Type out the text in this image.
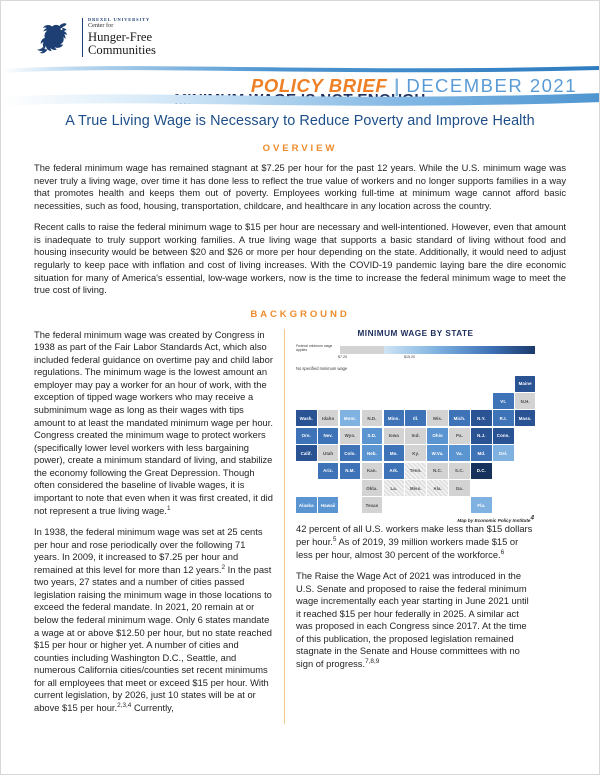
DREXEL UNIVERSITY
Center for
Hunger-Free
Communities
POLICY BRIEF | DECEMBER 2021
A True Living Wage is Necessary to Reduce Poverty and Improve Health
OVERVIEW

The federal minimum wage has remained stagnant at $7.25 per hour for the past 12 years. While the U.S. minimum wage was never truly a living wage, over time it has done less to reflect the true value of workers and no longer supports families in a way that promotes health and keeps them out of poverty. Employees working full-time at minimum wage cannot afford basic necessities, such as food, housing, transportation, childcare, and healthcare in any location across the country.

Recent calls to raise the federal minimum wage to $15 per hour are necessary and well-intentioned. However, even that amount is inadequate to truly support working families. A true living wage that supports a basic standard of living without food and housing insecurity would be between $20 and $26 or more per hour depending on the state. Additionally, it would need to adjust regularly to keep pace with inflation and cost of living increases. With the COVID-19 pandemic laying bare the dire economic situation for many of America's essential, low-wage workers, now is the time to increase the federal minimum wage to meet the true cost of living.

BACKGROUND

The federal minimum wage was created by Congress in 1938 as part of the Fair Labor Standards Act, which also included federal guidance on overtime pay and child labor regulations. The minimum wage is the lowest amount an employer may pay a worker for an hour of work, with the exception of tipped wage workers who may receive a subminimum wage as long as their wages with tips amount to at least the mandated minimum wage per hour. Congress created the minimum wage to protect workers (specifically lower level workers with less bargaining power), create a minimum standard of living, and stabilize the economy following the Great Depression. Though often considered the baseline of livable wages, it is important to note that even when it was first created, it did not represent a true living wage.$^1$

In 1938, the federal minimum wage was set at 25 cents per hour and rose periodically over the following 71 years. In 2009, it increased to $7.25 per hour and remained at this level for more than 12 years.$^2$ In the past two years, 27 states and a number of cities passed legislation raising the minimum wage in those locations to exceed the federal mandate. In 2021, 20 remain at or below the federal minimum wage. Only 6 states mandate a wage at or above $12.50 per hour, but no state reached $15 per hour or higher yet. A number of cities and counties including Washington D.C., Seattle, and numerous California cities/counties set recent minimums for all employees that meet or exceed $15 per hour. With current legislation, by 2026, just 10 states will be at or above $15 per hour.$^{2,3,4}$ Currently,

MINIMUM WAGE BY STATE
Federal minimum wage applies
$7.25	$15.20
No specified minimum wage
Maine
Vt.	N.H.
Wash.	Idaho	Mont.	N.D.	Minn.	Ill.	Wis.	Mich.	N.Y.	R.I.	Mass.
Ore.	Nev.	Wyo.	S.D.	Iowa	Ind.	Ohio	Pa.	N.J.	Conn.
Calif.	Utah	Colo.	Neb.	Mo.	Ky.	W.Va.	Va.	Md.	Del.
Ariz.	N.M.	Kan.	Ark.	Tenn.	N.C.	S.C.	D.C.
Okla.	La.	Miss.	Ala.	Ga.
Alaska	Hawaii	Texas	Fla.
Map by Economic Policy Institute$^4$

42 percent of all U.S. workers make less than $15 dollars per hour.$^5$ As of 2019, 39 million workers made $15 or less per hour, almost 30 percent of the workforce.$^6$

The Raise the Wage Act of 2021 was introduced in the U.S. Senate and proposed to raise the federal minimum wage incrementally each year starting in June 2021 until it reached $15 per hour federally in 2025. A similar act was proposed in each Congress since 2017. At the time of this publication, the proposed legislation remained stagnate in the Senate and House committees with no sign of progress.$^{7,8,9}$
